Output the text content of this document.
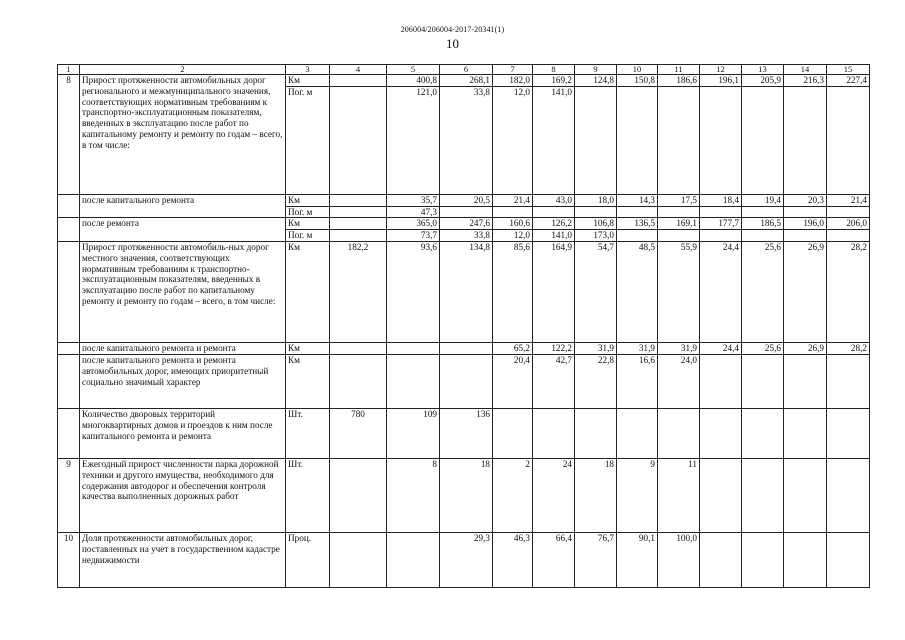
206004/206004-2017-20341(1)
10
1	2	3	4	5	6	7	8	9	10	11	12	13	14	15
8	Прирост протяженности автомобильных дорог регионального и межмуниципального значения, соответствующих нормативным требованиям к транспортно-эксплуатационным показателям, введенных в эксплуатацию после работ по капитальному ремонту и ремонту по годам – всего, в том числе:	Км		400,8	268,1	182,0	169,2	124,8	150,8	186,6	196,1	205,9	216,3	227,4
		Пог. м		121,0	33,8	12,0	141,0							
	после капитального ремонта	Км		35,7	20,5	21,4	43,0	18,0	14,3	17,5	18,4	19,4	20,3	21,4
		Пог. м		47,3										
	после ремонта	Км		365,0	247,6	160,6	126,2	106,8	136,5	169,1	177,7	186,5	196,0	206,0
		Пог. м		73,7	33,8	12,0	141,0	173,0						
	Прирост протяженности автомобиль-ных дорог местного значения, соответствующих нормативным требованиям к транспортно-эксплуатационным показателям, введенных в эксплуатацию после работ по капитальному ремонту и ремонту по годам – всего, в том числе:	Км	182,2	93,6	134,8	85,6	164,9	54,7	48,5	55,9	24,4	25,6	26,9	28,2
	после капитального ремонта и ремонта	Км				65,2	122,2	31,9	31,9	31,9	24,4	25,6	26,9	28,2
	после капитального ремонта и ремонта автомобильных дорог, имеющих приоритетный социально значимый характер	Км				20,4	42,7	22,8	16,6	24,0				
	Количество дворовых территорий многоквартирных домов и проездов к ним после капитального ремонта и ремонта	Шт.	780	109	136									
9	Ежегодный прирост численности парка дорожной техники и другого имущества, необходимого для содержания автодорог и обеспечения контроля качества выполненных дорожных работ	Шт.		8	18	2	24	18	9	11				
10	Доля протяженности автомобильных дорог, поставленных на учет в государственном кадастре недвижимости	Проц.			29,3	46,3	66,4	76,7	90,1	100,0				
